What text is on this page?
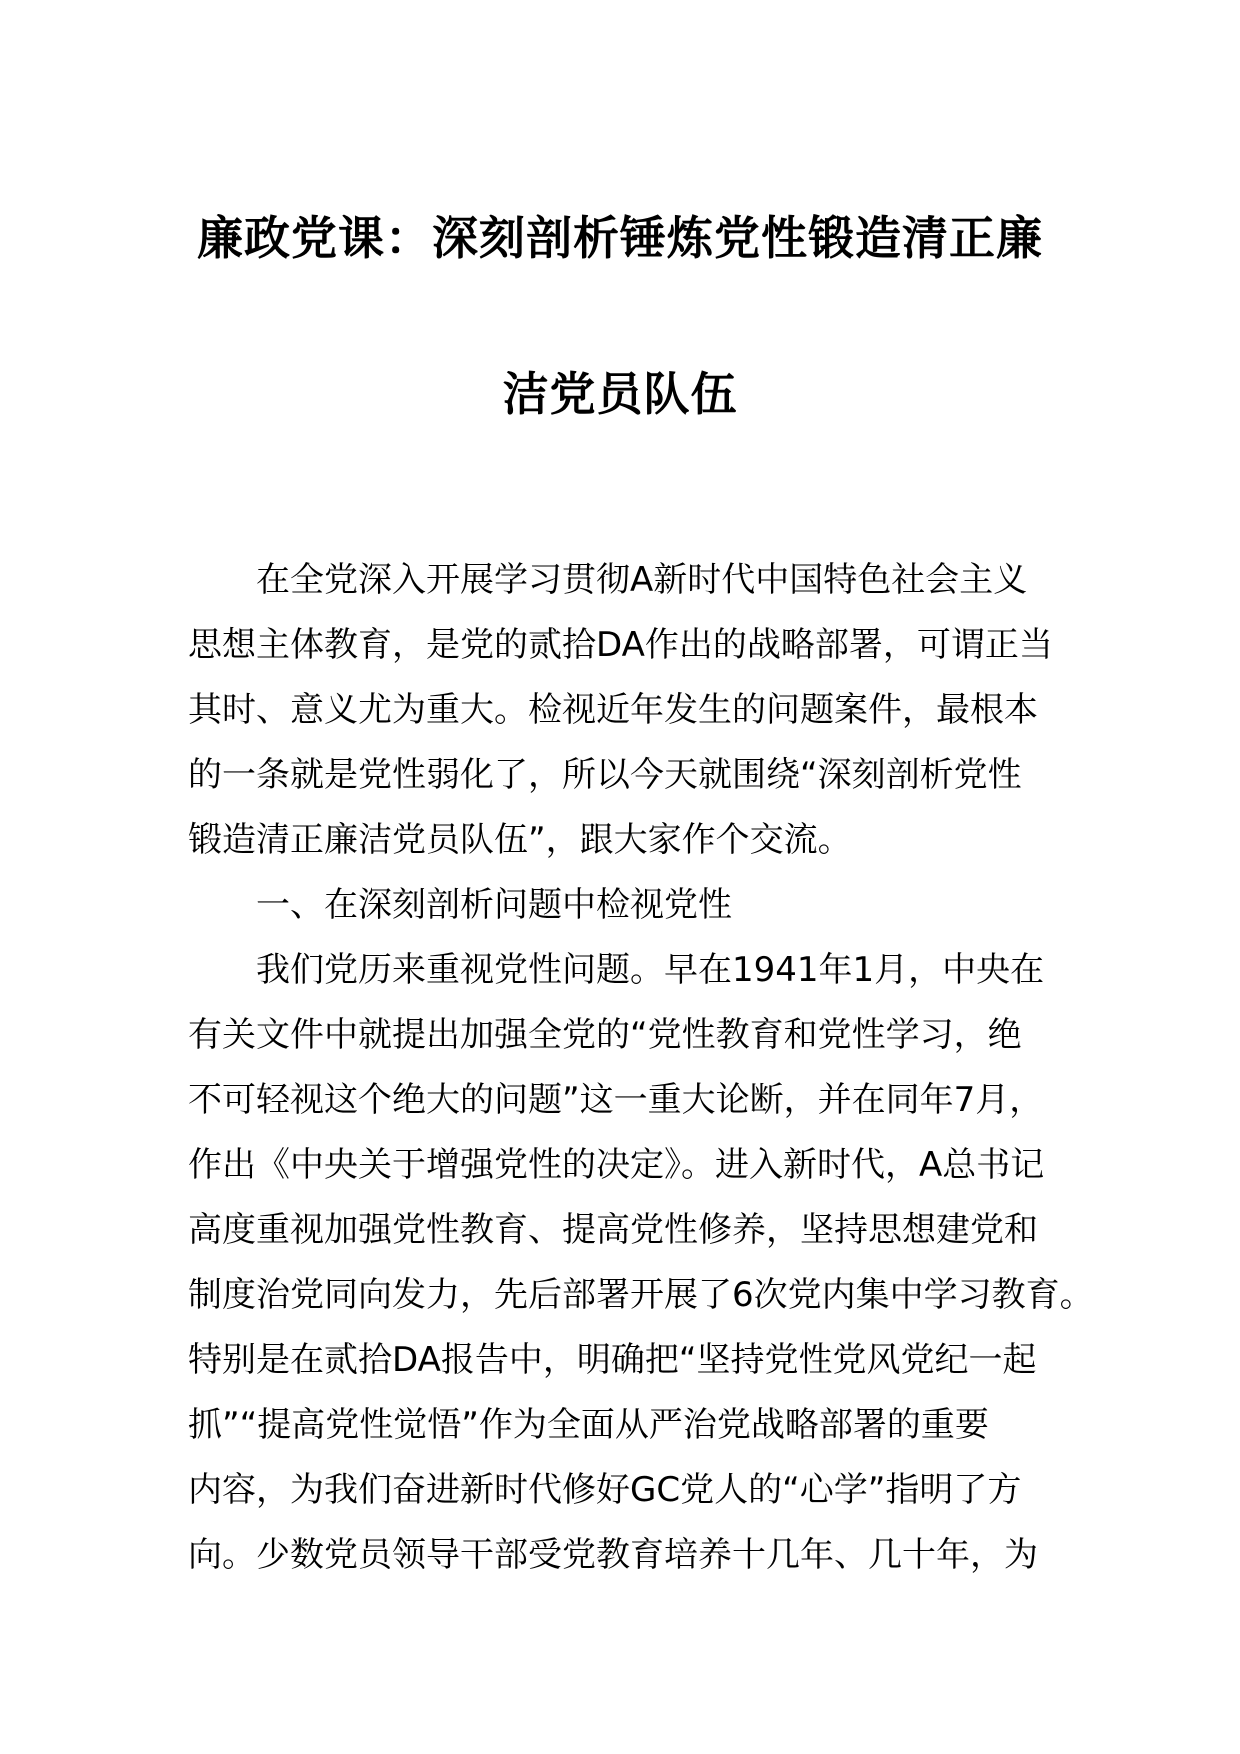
廉政党课：深刻剖析锤炼党性锻造清正廉
洁党员队伍
在全党深入开展学习贯彻A新时代中国特色社会主义
思想主体教育，是党的贰拾DA作出的战略部署，可谓正当
其时、意义尤为重大。检视近年发生的问题案件，最根本
的一条就是党性弱化了，所以今天就围绕“深刻剖析党性
锻造清正廉洁党员队伍”，跟大家作个交流。
一、在深刻剖析问题中检视党性
我们党历来重视党性问题。早在1941年1月，中央在
有关文件中就提出加强全党的“党性教育和党性学习，绝
不可轻视这个绝大的问题”这一重大论断，并在同年7月，
作出《中央关于增强党性的决定》。进入新时代，A总书记
高度重视加强党性教育、提高党性修养，坚持思想建党和
制度治党同向发力，先后部署开展了6次党内集中学习教育。
特别是在贰拾DA报告中，明确把“坚持党性党风党纪一起
抓”“提高党性觉悟”作为全面从严治党战略部署的重要
内容，为我们奋进新时代修好GC党人的“心学”指明了方
向。少数党员领导干部受党教育培养十几年、几十年，为
